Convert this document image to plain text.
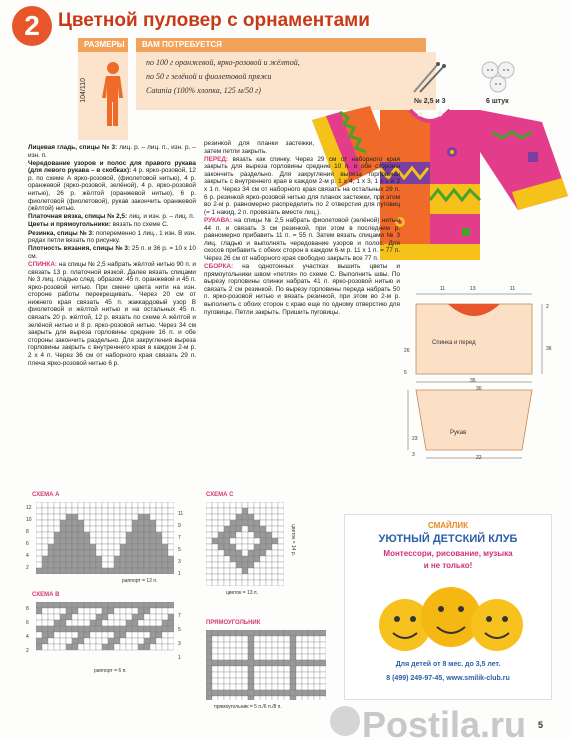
2 Цветной пуловер с орнаментами
РАЗМЕРЫ	ВАМ ПОТРЕБУЕТСЯ
104/110
по 100 г оранжевой, ярко-розовой и жёлтой,
по 50 г зелёной и фиолетовой пряжи
Catania (100% хлопка, 125 м/50 г)
№ 2,5 и 3	6 штук

Лицевая гладь, спицы № 3: лиц. р. – лиц. п., изн. р. – изн. п.

Чередование узоров и полос для правого рукава (для левого рукава – в скобках): 4 р. ярко-розовой, 12 р. по схеме А ярко-розовой, (фиолетовой нитью), 4 р. оранжевой (ярко-розовой, зелёной), 4 р. ярко-розовой нитью), 26 р. жёлтой (оранжевой нитью), 6 р. фиолетовой (фиолетовой), рукав закончить оранжевой (жёлтой) нитью.

Платочная вязка, спицы № 2,5: лиц. и изн. р. – лиц. п.

Цветы и прямоугольники: вязать по схеме С.

Резинка, спицы № 3: попеременно 1 лиц., 1 изн. В изн. рядах петли вязать по рисунку.

Плотность вязания, спицы № 3: 25 п. и 36 р. = 10 х 10 см.

СПИНКА: на спицы № 2,5 набрать жёлтой нитью 90 п. и связать 13 р. платочной вязкой. Далее вязать спицами № 3 лиц. гладью след. образом: 45 п. оранжевой и 45 п. ярко-розовой нитью. При смене цвета нити на изн. стороне работы перекрещивать. Через 20 см от нижнего края связать 45 п. жаккардовый узор В фиолетовой и жёлтой нитью и на остальных 45 п. связать 20 р. жёлтой, 12 р. вязать по схеме А жёлтой и зелёной нитью и 8 р. ярко-розовой нитью. Через 34 см закрыть для выреза горловины средние 16 п. и обе стороны закончить раздельно. Для закругления выреза горловины закрыть с внутреннего края в каждом 2-м р. 2 х 4 п. Через 36 см от наборного края связать 29 п. плеча ярко-розовой нитью 6 р.

резинкой для планки застежки, затем петли закрыть.

ПЕРЕД: вязать как спинку. Через 29 см от наборного края закрыть для выреза горловины средние 10 п. и обе стороны закончить раздельно. Для закругления выреза горловины закрыть с внутреннего края в каждом 2-м р. 1 х 4, 1 х 3, 1 х 2 и 2 х 1 п. Через 34 см от наборного края связать на остальных 29 п. 6 р. резинкой ярко-розовой нитью для планок застежки, при этом во 2-м р. равномерно распределить по 2 отверстия для пуговиц (= 1 накид, 2 п. провязать вместе лиц.).

РУКАВА: на спицы № 2,5 набрать фиолетовой (зелёной) нитью 44 п. и связать 3 см резинкой, при этом в последнем р. равномерно прибавить 11 п. = 55 п. Затем вязать спицами № 3 лиц. гладью и выполнять чередование узоров и полос. Для скосов прибавить с обеих сторон в каждом 6-м р. 11 х 1 п. = 77 п. Через 26 см от наборного края свободно закрыть все 77 п.

СБОРКА: на однотонных участках вышить цветы и прямоугольники швом «петля» по схеме С. Выполнить швы. По вырезу горловины спинки набрать 41 п. ярко-розовой нитью и связать 2 см резинкой. По вырезу горловины переда набрать 50 п. ярко-розовой нитью и вязать резинкой, при этом во 2-м р. выполнить с обоих сторон с краю еще по одному отверстию для пуговицы. Петли закрыть. Пришить пуговицы.

11	13	11
Спинка и перед
2
36
26
5
35
30
Рукав
23
3	22
СХЕМА А
12
10
8
6
4
2
11
9
7
5
3
1
раппорт = 12 п.
СХЕМА В
8
6
4
2
7
5
3
1
раппорт = 6 п.
СХЕМА С
цветок = 14 р.
цветок = 13 п.
ПРЯМОУГОЛЬНИК
прямоугольник = 5 п./6 п./8 п.
СМАЙЛИК
УЮТНЫЙ ДЕТСКИЙ КЛУБ
Монтессори, рисование, музыка
и не только!
Для детей от 8 мес. до 3,5 лет.
8 (499) 249-97-45, www.smilik-club.ru
Postila.ru 5
